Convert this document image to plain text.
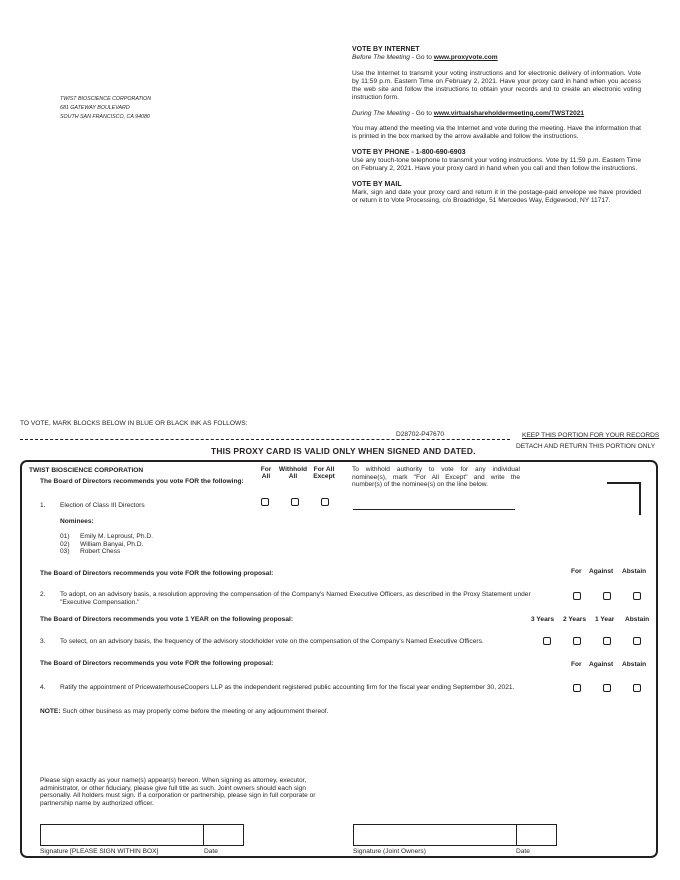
TWIST BIOSCIENCE CORPORATION
681 GATEWAY BOULEVARD
SOUTH SAN FRANCISCO, CA 94080
VOTE BY INTERNET

Before The Meeting - Go to www.proxyvote.com

Use the Internet to transmit your voting instructions and for electronic delivery of information. Vote by 11:59 p.m. Eastern Time on February 2, 2021. Have your proxy card in hand when you access the web site and follow the instructions to obtain your records and to create an electronic voting instruction form.

During The Meeting - Go to www.virtualshareholdermeeting.com/TWST2021

You may attend the meeting via the Internet and vote during the meeting. Have the information that is printed in the box marked by the arrow available and follow the instructions.

VOTE BY PHONE - 1-800-690-6903

Use any touch-tone telephone to transmit your voting instructions. Vote by 11:59 p.m. Eastern Time on February 2, 2021. Have your proxy card in hand when you call and then follow the instructions.

VOTE BY MAIL

Mark, sign and date your proxy card and return it in the postage-paid envelope we have provided or return it to Vote Processing, c/o Broadridge, 51 Mercedes Way, Edgewood, NY 11717.

TO VOTE, MARK BLOCKS BELOW IN BLUE OR BLACK INK AS FOLLOWS:
D28702-P47670	KEEP THIS PORTION FOR YOUR RECORDS
DETACH AND RETURN THIS PORTION ONLY
THIS PROXY CARD IS VALID ONLY WHEN SIGNED AND DATED.
TWIST BIOSCIENCE CORPORATION
The Board of Directors recommends you vote FOR the following:
For All
Withhold All
For All Except
To withhold authority to vote for any individual nominee(s), mark "For All Except" and write the number(s) of the nominee(s) on the line below.
1. Election of Class III Directors
Nominees:
01) Emily M. Leproust, Ph.D.
02) William Banyai, Ph.D.
03) Robert Chess
The Board of Directors recommends you vote FOR the following proposal:	For Against Abstain
2. To adopt, on an advisory basis, a resolution approving the compensation of the Company's Named Executive Officers, as described in the Proxy Statement under "Executive Compensation."
The Board of Directors recommends you vote 1 YEAR on the following proposal:	3 Years 2 Years 1 Year Abstain
3. To select, on an advisory basis, the frequency of the advisory stockholder vote on the compensation of the Company's Named Executive Officers.
The Board of Directors recommends you vote FOR the following proposal:	For Against Abstain
4. Ratify the appointment of PricewaterhouseCoopers LLP as the independent registered public accounting firm for the fiscal year ending September 30, 2021.
NOTE: Such other business as may properly come before the meeting or any adjournment thereof.
Please sign exactly as your name(s) appear(s) hereon. When signing as attorney, executor, administrator, or other fiduciary, please give full title as such. Joint owners should each sign personally. All holders must sign. If a corporation or partnership, please sign in full corporate or partnership name by authorized officer.
Signature [PLEASE SIGN WITHIN BOX]	Date	Signature (Joint Owners)	Date
